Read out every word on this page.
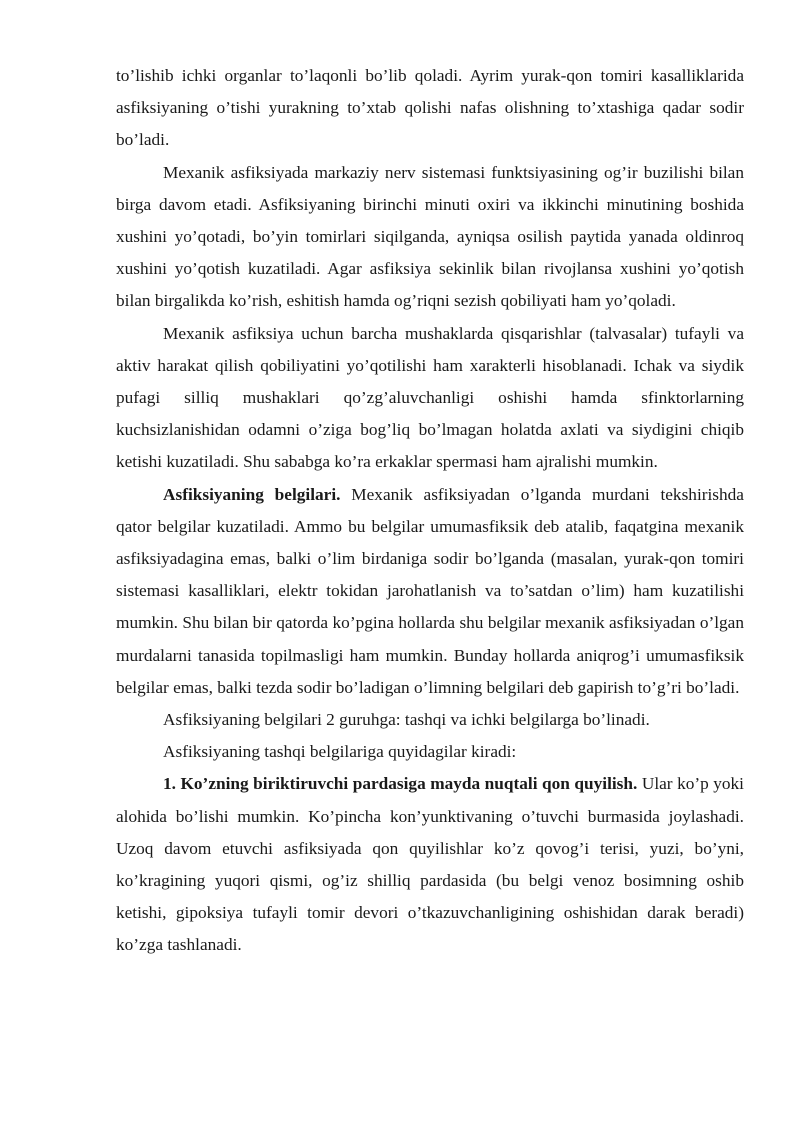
to’lishib ichki organlar to’laqonli bo’lib qoladi. Ayrim yurak-qon tomiri kasalliklarida asfiksiyaning o’tishi yurakning to’xtab qolishi nafas olishning to’xtashiga qadar sodir bo’ladi.

Mexanik asfiksiyada markaziy nerv sistemasi funktsiyasining og’ir buzilishi bilan birga davom etadi. Asfiksiyaning birinchi minuti oxiri va ikkinchi minutining boshida xushini yo’qotadi, bo’yin tomirlari siqilganda, ayniqsa osilish paytida yanada oldinroq xushini yo’qotish kuzatiladi. Agar asfiksiya sekinlik bilan rivojlansa xushini yo’qotish bilan birgalikda ko’rish, eshitish hamda og’riqni sezish qobiliyati ham yo’qoladi.

Mexanik asfiksiya uchun barcha mushaklarda qisqarishlar (talvasalar) tufayli va aktiv harakat qilish qobiliyatini yo’qotilishi ham xarakterli hisoblanadi. Ichak va siydik pufagi silliq mushaklari qo’zg’aluvchanligi oshishi hamda sfinktorlarning kuchsizlanishidan odamni o’ziga bog’liq bo’lmagan holatda axlati va siydigini chiqib ketishi kuzatiladi. Shu sababga ko’ra erkaklar spermasi ham ajralishi mumkin.

Asfiksiyaning belgilari. Mexanik asfiksiyadan o’lganda murdani tekshirishda qator belgilar kuzatiladi. Ammo bu belgilar umumasfiksik deb atalib, faqatgina mexanik asfiksiyadagina emas, balki o’lim birdaniga sodir bo’lganda (masalan, yurak-qon tomiri sistemasi kasalliklari, elektr tokidan jarohatlanish va to’satdan o’lim) ham kuzatilishi mumkin. Shu bilan bir qatorda ko’pgina hollarda shu belgilar mexanik asfiksiyadan o’lgan murdalarni tanasida topilmasligi ham mumkin. Bunday hollarda aniqrog’i umumasfiksik belgilar emas, balki tezda sodir bo’ladigan o’limning belgilari deb gapirish to’g’ri bo’ladi.

Asfiksiyaning belgilari 2 guruhga: tashqi va ichki belgilarga bo’linadi.

Asfiksiyaning tashqi belgilariga quyidagilar kiradi:

1. Ko’zning biriktiruvchi pardasiga mayda nuqtali qon quyilish. Ular ko’p yoki alohida bo’lishi mumkin. Ko’pincha kon’yunktivaning o’tuvchi burmasida joylashadi. Uzoq davom etuvchi asfiksiyada qon quyilishlar ko’z qovog’i terisi, yuzi, bo’yni, ko’kragining yuqori qismi, og’iz shilliq pardasida (bu belgi venoz bosimning oshib ketishi, gipoksiya tufayli tomir devori o’tkazuvchanligining oshishidan darak beradi) ko’zga tashlanadi.
